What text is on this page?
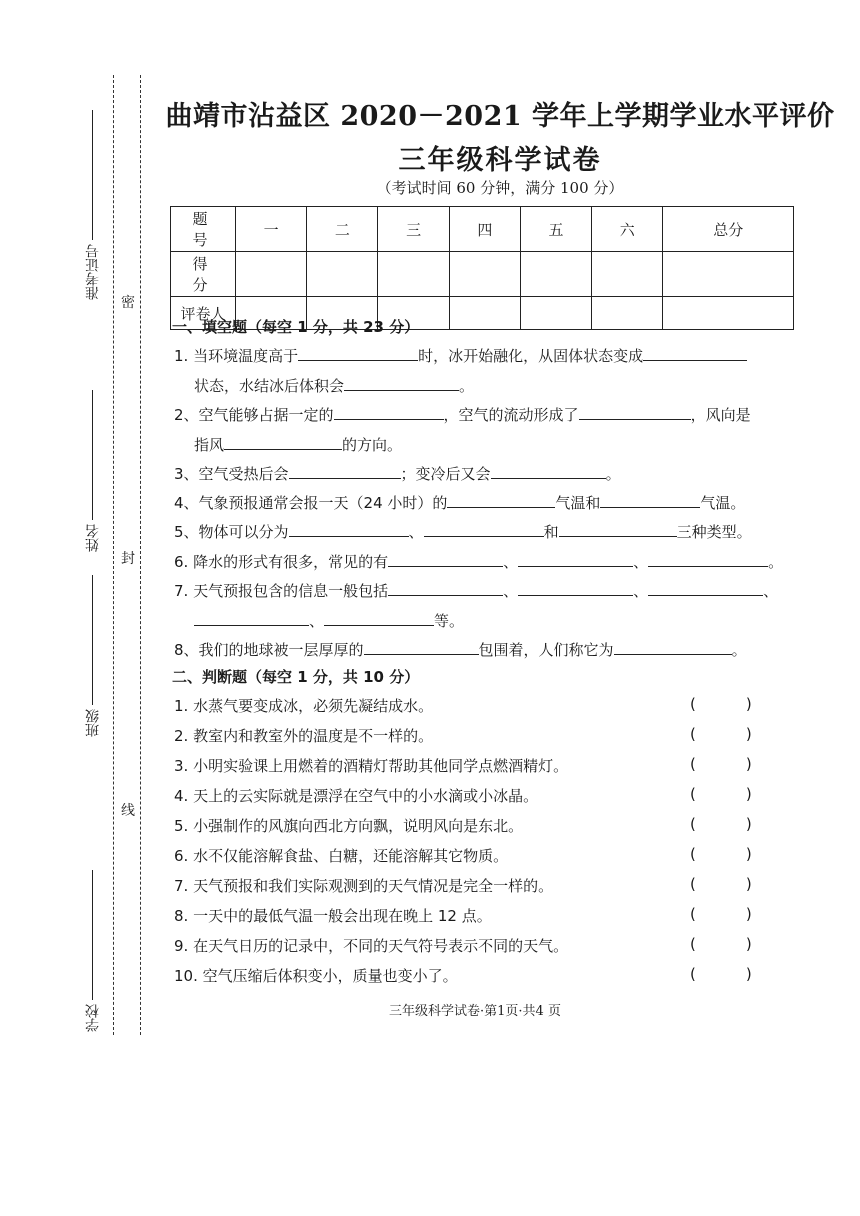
准考证号
姓名
班级
学校
密
封
线
曲靖市沾益区 2020－2021 学年上学期学业水平评价
三年级科学试卷
（考试时间 60 分钟，满分 100 分）
题　号	一	二	三	四	五	六	总分
得　分							
评卷人							
一、填空题（每空 1 分，共 23 分）
1. 当环境温度高于	时，冰开始融化，从固体状态变成
状态，水结冰后体积会	。
2、空气能够占据一定的	，空气的流动形成了	，风向是
指风	的方向。
3、空气受热后会	；变冷后又会	。
4、气象预报通常会报一天（24 小时）的	气温和	气温。
5、物体可以分为	、	和	三种类型。
6. 降水的形式有很多，常见的有	、	、	。
7. 天气预报包含的信息一般包括	、	、	、
、	等。
8、我们的地球被一层厚厚的	包围着，人们称它为	。
二、判断题（每空 1 分，共 10 分）
1. 水蒸气要变成冰，必须先凝结成水。
2. 教室内和教室外的温度是不一样的。
3. 小明实验课上用燃着的酒精灯帮助其他同学点燃酒精灯。
4. 天上的云实际就是漂浮在空气中的小水滴或小冰晶。
5. 小强制作的风旗向西北方向飘，说明风向是东北。
6. 水不仅能溶解食盐、白糖，还能溶解其它物质。
7. 天气预报和我们实际观测到的天气情况是完全一样的。
8. 一天中的最低气温一般会出现在晚上 12 点。
9. 在天气日历的记录中，不同的天气符号表示不同的天气。
10. 空气压缩后体积变小，质量也变小了。
(	)
(	)
(	)
(	)
(	)
(	)
(	)
(	)
(	)
(	)
三年级科学试卷·第1页·共4 页
